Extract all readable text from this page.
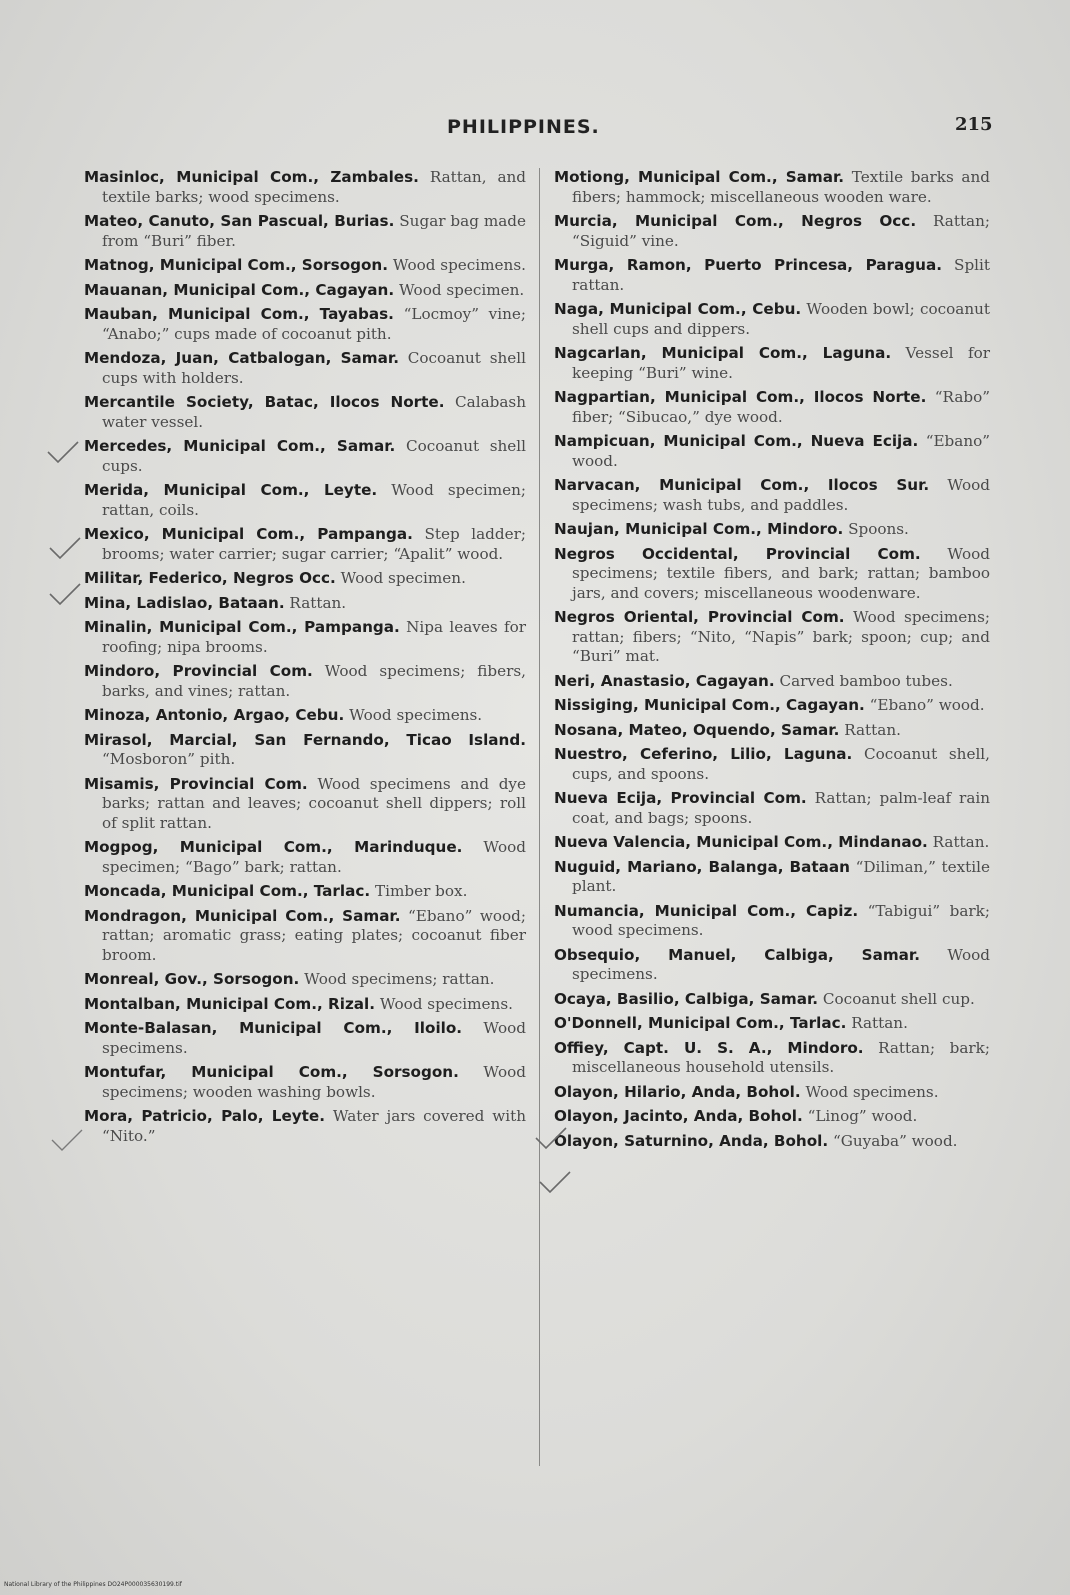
PHILIPPINES.	215
Masinloc, Municipal Com., Zambales. Rattan, and textile barks; wood specimens.
Mateo, Canuto, San Pascual, Burias. Sugar bag made from “Buri” fiber.
Matnog, Municipal Com., Sorsogon. Wood specimens.
Mauanan, Municipal Com., Cagayan. Wood specimen.
Mauban, Municipal Com., Tayabas. “Locmoy” vine; “Anabo;” cups made of cocoanut pith.
Mendoza, Juan, Catbalogan, Samar. Cocoanut shell cups with holders.
Mercantile Society, Batac, Ilocos Norte. Calabash water vessel.
Mercedes, Municipal Com., Samar. Cocoanut shell cups.
Merida, Municipal Com., Leyte. Wood specimen; rattan, coils.
Mexico, Municipal Com., Pampanga. Step ladder; brooms; water carrier; sugar carrier; “Apalit” wood.
Militar, Federico, Negros Occ. Wood specimen.
Mina, Ladislao, Bataan. Rattan.
Minalin, Municipal Com., Pampanga. Nipa leaves for roofing; nipa brooms.
Mindoro, Provincial Com. Wood specimens; fibers, barks, and vines; rattan.
Minoza, Antonio, Argao, Cebu. Wood specimens.
Mirasol, Marcial, San Fernando, Ticao Island. “Mosboron” pith.
Misamis, Provincial Com. Wood specimens and dye barks; rattan and leaves; cocoanut shell dippers; roll of split rattan.
Mogpog, Municipal Com., Marinduque. Wood specimen; “Bago” bark; rattan.
Moncada, Municipal Com., Tarlac. Timber box.
Mondragon, Municipal Com., Samar. “Ebano” wood; rattan; aromatic grass; eating plates; cocoanut fiber broom.
Monreal, Gov., Sorsogon. Wood specimens; rattan.
Montalban, Municipal Com., Rizal. Wood specimens.
Monte-Balasan, Municipal Com., Iloilo. Wood specimens.
Montufar, Municipal Com., Sorsogon. Wood specimens; wooden washing bowls.
Mora, Patricio, Palo, Leyte. Water jars covered with “Nito.”
Motiong, Municipal Com., Samar. Textile barks and fibers; hammock; miscellaneous wooden ware.
Murcia, Municipal Com., Negros Occ. Rattan; “Siguid” vine.
Murga, Ramon, Puerto Princesa, Paragua. Split rattan.
Naga, Municipal Com., Cebu. Wooden bowl; cocoanut shell cups and dippers.
Nagcarlan, Municipal Com., Laguna. Vessel for keeping “Buri” wine.
Nagpartian, Municipal Com., Ilocos Norte. “Rabo” fiber; “Sibucao,” dye wood.
Nampicuan, Municipal Com., Nueva Ecija. “Ebano” wood.
Narvacan, Municipal Com., Ilocos Sur. Wood specimens; wash tubs, and paddles.
Naujan, Municipal Com., Mindoro. Spoons.
Negros Occidental, Provincial Com. Wood specimens; textile fibers, and bark; rattan; bamboo jars, and covers; miscellaneous woodenware.
Negros Oriental, Provincial Com. Wood specimens; rattan; fibers; “Nito, “Napis” bark; spoon; cup; and “Buri” mat.
Neri, Anastasio, Cagayan. Carved bamboo tubes.
Nissiging, Municipal Com., Cagayan. “Ebano” wood.
Nosana, Mateo, Oquendo, Samar. Rattan.
Nuestro, Ceferino, Lilio, Laguna. Cocoanut shell, cups, and spoons.
Nueva Ecija, Provincial Com. Rattan; palm-leaf rain coat, and bags; spoons.
Nueva Valencia, Municipal Com., Mindanao. Rattan.
Nuguid, Mariano, Balanga, Bataan “Diliman,” textile plant.
Numancia, Municipal Com., Capiz. “Tabigui” bark; wood specimens.
Obsequio, Manuel, Calbiga, Samar. Wood specimens.
Ocaya, Basilio, Calbiga, Samar. Cocoanut shell cup.
O'Donnell, Municipal Com., Tarlac. Rattan.
Offiey, Capt. U. S. A., Mindoro. Rattan; bark; miscellaneous household utensils.
Olayon, Hilario, Anda, Bohol. Wood specimens.
Olayon, Jacinto, Anda, Bohol. “Linog” wood.
Olayon, Saturnino, Anda, Bohol. “Guyaba” wood.
National Library of the Philippines DO24P000035630199.tif
